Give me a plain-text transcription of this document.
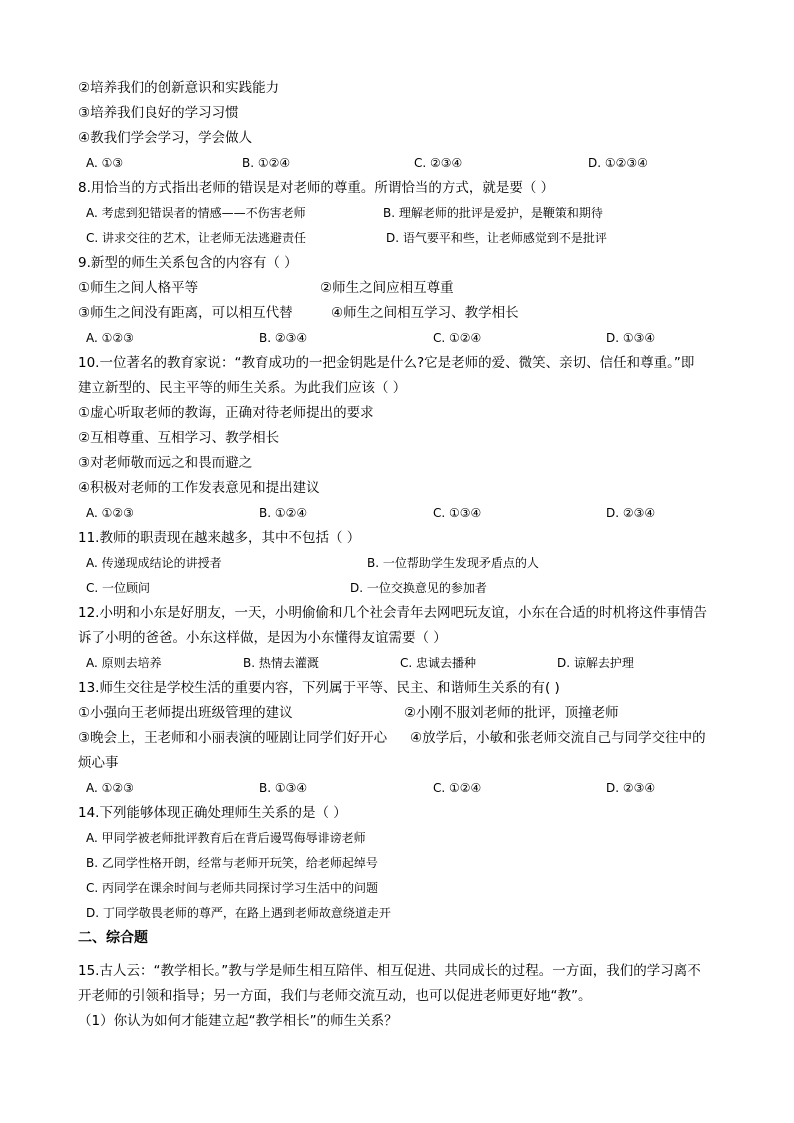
②培养我们的创新意识和实践能力
③培养我们良好的学习习惯
④教我们学会学习，学会做人
A. ①③	B. ①②④	C. ②③④	D. ①②③④
8.用恰当的方式指出老师的错误是对老师的尊重。所谓恰当的方式，就是要（ ）
A. 考虑到犯错误者的情感——不伤害老师	B. 理解老师的批评是爱护，是鞭策和期待
C. 讲求交往的艺术，让老师无法逃避责任	D. 语气要平和些，让老师感觉到不是批评
9.新型的师生关系包含的内容有（ ）
①师生之间人格平等	②师生之间应相互尊重
③师生之间没有距离，可以相互代替	④师生之间相互学习、教学相长
A. ①②③	B. ②③④	C. ①②④	D. ①③④
10.一位著名的教育家说：“教育成功的一把金钥匙是什么?它是老师的爱、微笑、亲切、信任和尊重。”即
建立新型的、民主平等的师生关系。为此我们应该（ ）
①虚心听取老师的教诲，正确对待老师提出的要求
②互相尊重、互相学习、教学相长
③对老师敬而远之和畏而避之
④积极对老师的工作发表意见和提出建议
A. ①②③	B. ①②④	C. ①③④	D. ②③④
11.教师的职责现在越来越多，其中不包括（ ）
A. 传递现成结论的讲授者	B. 一位帮助学生发现矛盾点的人
C. 一位顾问	D. 一位交换意见的参加者
12.小明和小东是好朋友，一天，小明偷偷和几个社会青年去网吧玩友谊，小东在合适的时机将这件事情告
诉了小明的爸爸。小东这样做，是因为小东懂得友谊需要（ ）
A. 原则去培养	B. 热情去灌溉	C. 忠诚去播种	D. 谅解去护理
13.师生交往是学校生活的重要内容，下列属于平等、民主、和谐师生关系的有( )
①小强向王老师提出班级管理的建议	②小刚不服刘老师的批评，顶撞老师
③晚会上，王老师和小丽表演的哑剧让同学们好开心 ④放学后，小敏和张老师交流自己与同学交往中的
烦心事
A. ①②③	B. ①③④	C. ①②④	D. ②③④
14.下列能够体现正确处理师生关系的是（ ）
A. 甲同学被老师批评教育后在背后谩骂侮辱诽谤老师
B. 乙同学性格开朗，经常与老师开玩笑，给老师起绰号
C. 丙同学在课余时间与老师共同探讨学习生活中的问题
D. 丁同学敬畏老师的尊严，在路上遇到老师故意绕道走开
二、综合题
15.古人云：“教学相长。”教与学是师生相互陪伴、相互促进、共同成长的过程。一方面，我们的学习离不
开老师的引领和指导；另一方面，我们与老师交流互动，也可以促进老师更好地“教”。
（1）你认为如何才能建立起“教学相长”的师生关系？
